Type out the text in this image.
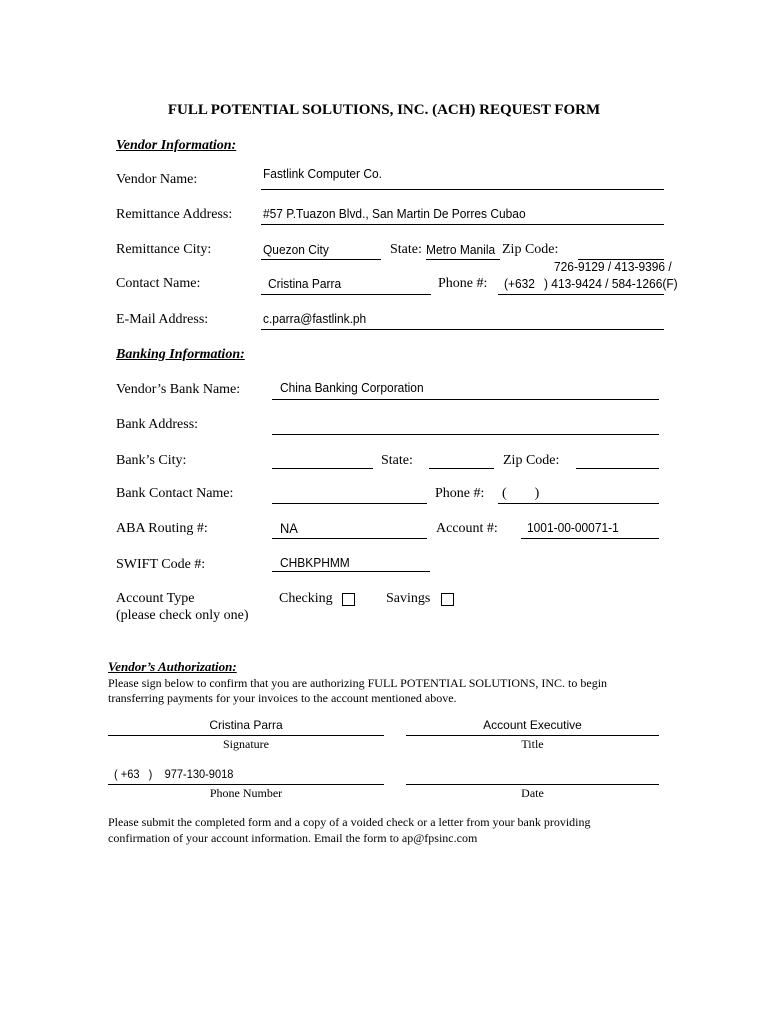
FULL POTENTIAL SOLUTIONS, INC. (ACH) REQUEST FORM
Vendor Information:
Vendor Name:	Fastlink Computer Co.
Remittance Address: #57 P.Tuazon Blvd., San Martin De Porres Cubao
Remittance City:	Quezon City	State: Metro Manila Zip Code:
Contact Name:	Cristina Parra	Phone #:
726-9129 / 413-9396 /
(+632 ) 413-9424 / 584-1266(F)
E-Mail Address:	c.parra@fastlink.ph
Banking Information:
Vendor’s Bank Name:	China Banking Corporation
Bank Address:
Bank’s City:	State:	Zip Code:
Bank Contact Name:	Phone #: (        )
ABA Routing #:	NA	Account #: 1001-00-00071-1
SWIFT Code #:	CHBKPHMM
Account Type
(please check only one)
Checking	Savings
Vendor’s Authorization:
Please sign below to confirm that you are authorizing FULL POTENTIAL SOLUTIONS, INC. to begin
transferring payments for your invoices to the account mentioned above.
Cristina Parra
Signature
Account Executive
Title
( +63   )    977-130-9018
Phone Number	Date
Please submit the completed form and a copy of a voided check or a letter from your bank providing
confirmation of your account information. Email the form to ap@fpsinc.com
